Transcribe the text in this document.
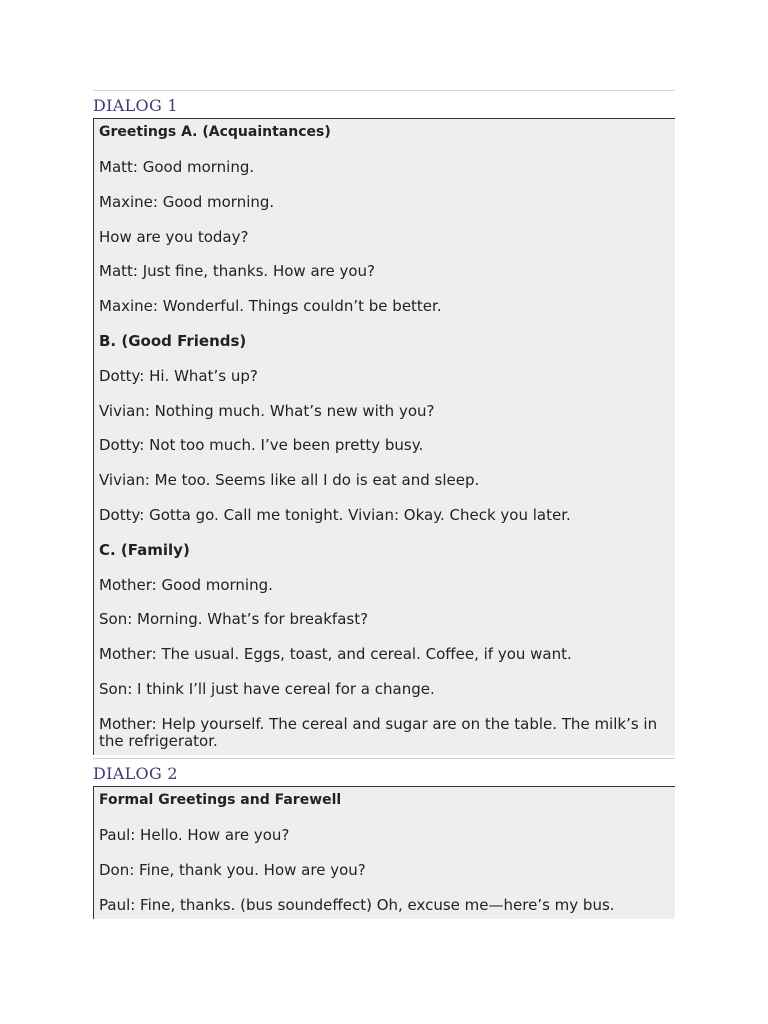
DIALOG 1
Greetings A. (Acquaintances)
Matt: Good morning.
Maxine: Good morning.
How are you today?
Matt: Just fine, thanks. How are you?
Maxine: Wonderful. Things couldn’t be better.
B. (Good Friends)
Dotty: Hi. What’s up?
Vivian: Nothing much. What’s new with you?
Dotty: Not too much. I’ve been pretty busy.
Vivian: Me too. Seems like all I do is eat and sleep.
Dotty: Gotta go. Call me tonight. Vivian: Okay. Check you later.
C. (Family)
Mother: Good morning.
Son: Morning. What’s for breakfast?
Mother: The usual. Eggs, toast, and cereal. Coffee, if you want.
Son: I think I’ll just have cereal for a change.
Mother: Help yourself. The cereal and sugar are on the table. The milk’s in the refrigerator.
DIALOG 2
Formal Greetings and Farewell
Paul: Hello. How are you?
Don: Fine, thank you. How are you?
Paul: Fine, thanks. (bus soundeffect) Oh, excuse me—here’s my bus.
